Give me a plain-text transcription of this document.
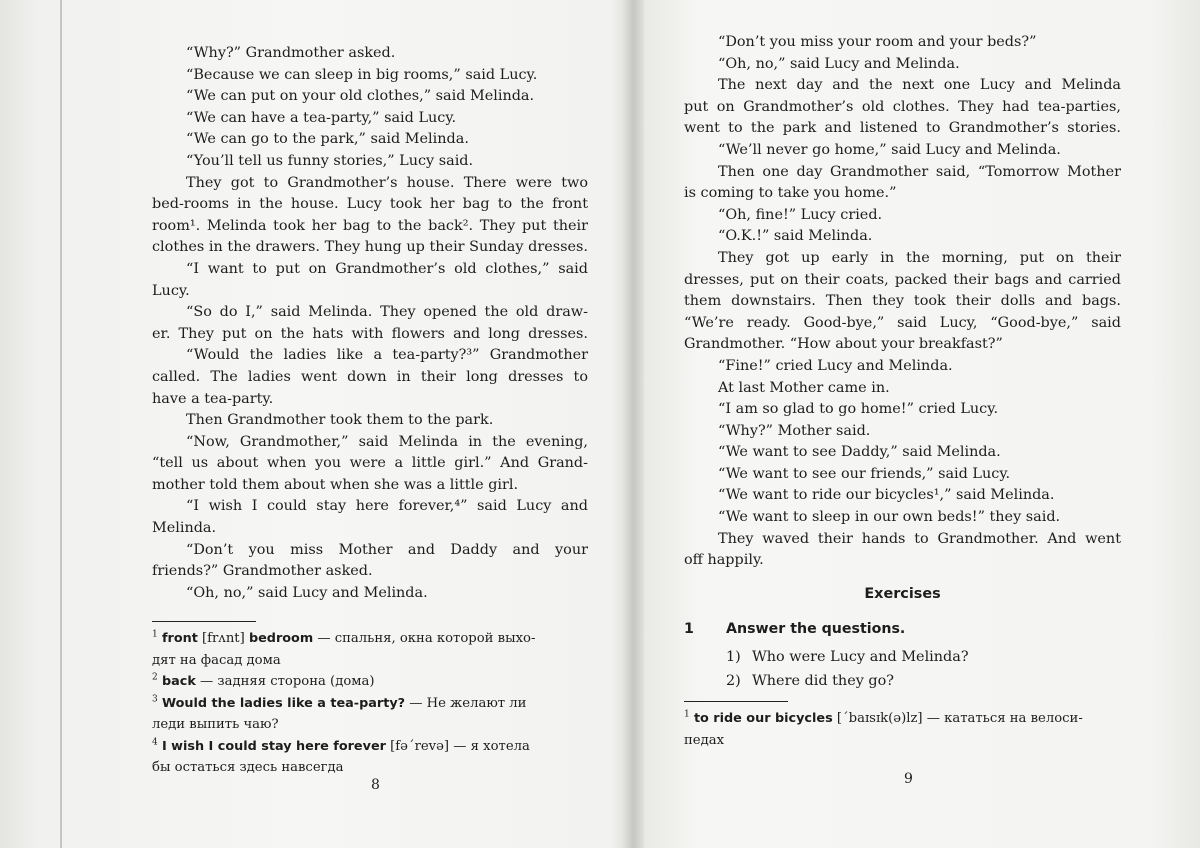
“Why?” Grandmother asked.
“Because we can sleep in big rooms,” said Lucy.
“We can put on your old clothes,” said Melinda.
“We can have a tea-party,” said Lucy.
“We can go to the park,” said Melinda.
“You’ll tell us funny stories,” Lucy said.
They got to Grandmother’s house. There were two
bed-rooms in the house. Lucy took her bag to the front
room¹. Melinda took her bag to the back². They put their
clothes in the drawers. They hung up their Sunday dresses.
“I want to put on Grandmother’s old clothes,” said
Lucy.
“So do I,” said Melinda. They opened the old draw-
er. They put on the hats with flowers and long dresses.
“Would the ladies like a tea-party?³” Grandmother
called. The ladies went down in their long dresses to
have a tea-party.
Then Grandmother took them to the park.
“Now, Grandmother,” said Melinda in the evening,
“tell us about when you were a little girl.” And Grand-
mother told them about when she was a little girl.
“I wish I could stay here forever,⁴” said Lucy and
Melinda.
“Don’t you miss Mother and Daddy and your
friends?” Grandmother asked.
“Oh, no,” said Lucy and Melinda.
$^1$ front [frʌnt] bedroom — спальня, окна которой выхо-
дят на фасад дома
$^2$ back — задняя сторона (дома)
$^3$ Would the ladies like a tea-party? — Не желают ли
леди выпить чаю?
$^4$ I wish I could stay here forever [fəˊrevə] — я хотела
бы остаться здесь навсегда
8
“Don’t you miss your room and your beds?”
“Oh, no,” said Lucy and Melinda.
The next day and the next one Lucy and Melinda
put on Grandmother’s old clothes. They had tea-parties,
went to the park and listened to Grandmother’s stories.
“We’ll never go home,” said Lucy and Melinda.
Then one day Grandmother said, “Tomorrow Mother
is coming to take you home.”
“Oh, fine!” Lucy cried.
“O.K.!” said Melinda.
They got up early in the morning, put on their
dresses, put on their coats, packed their bags and carried
them downstairs. Then they took their dolls and bags.
“We’re ready. Good-bye,” said Lucy, “Good-bye,” said
Grandmother. “How about your breakfast?”
“Fine!” cried Lucy and Melinda.
At last Mother came in.
“I am so glad to go home!” cried Lucy.
“Why?” Mother said.
“We want to see Daddy,” said Melinda.
“We want to see our friends,” said Lucy.
“We want to ride our bicycles¹,” said Melinda.
“We want to sleep in our own beds!” they said.
They waved their hands to Grandmother. And went
off happily.
Exercises
1	Answer the questions.
1) Who were Lucy and Melinda?
2) Where did they go?
$^1$ to ride our bicycles [ˊbaɪsɪk(ə)lz] — кататься на велоси-
педах
9
